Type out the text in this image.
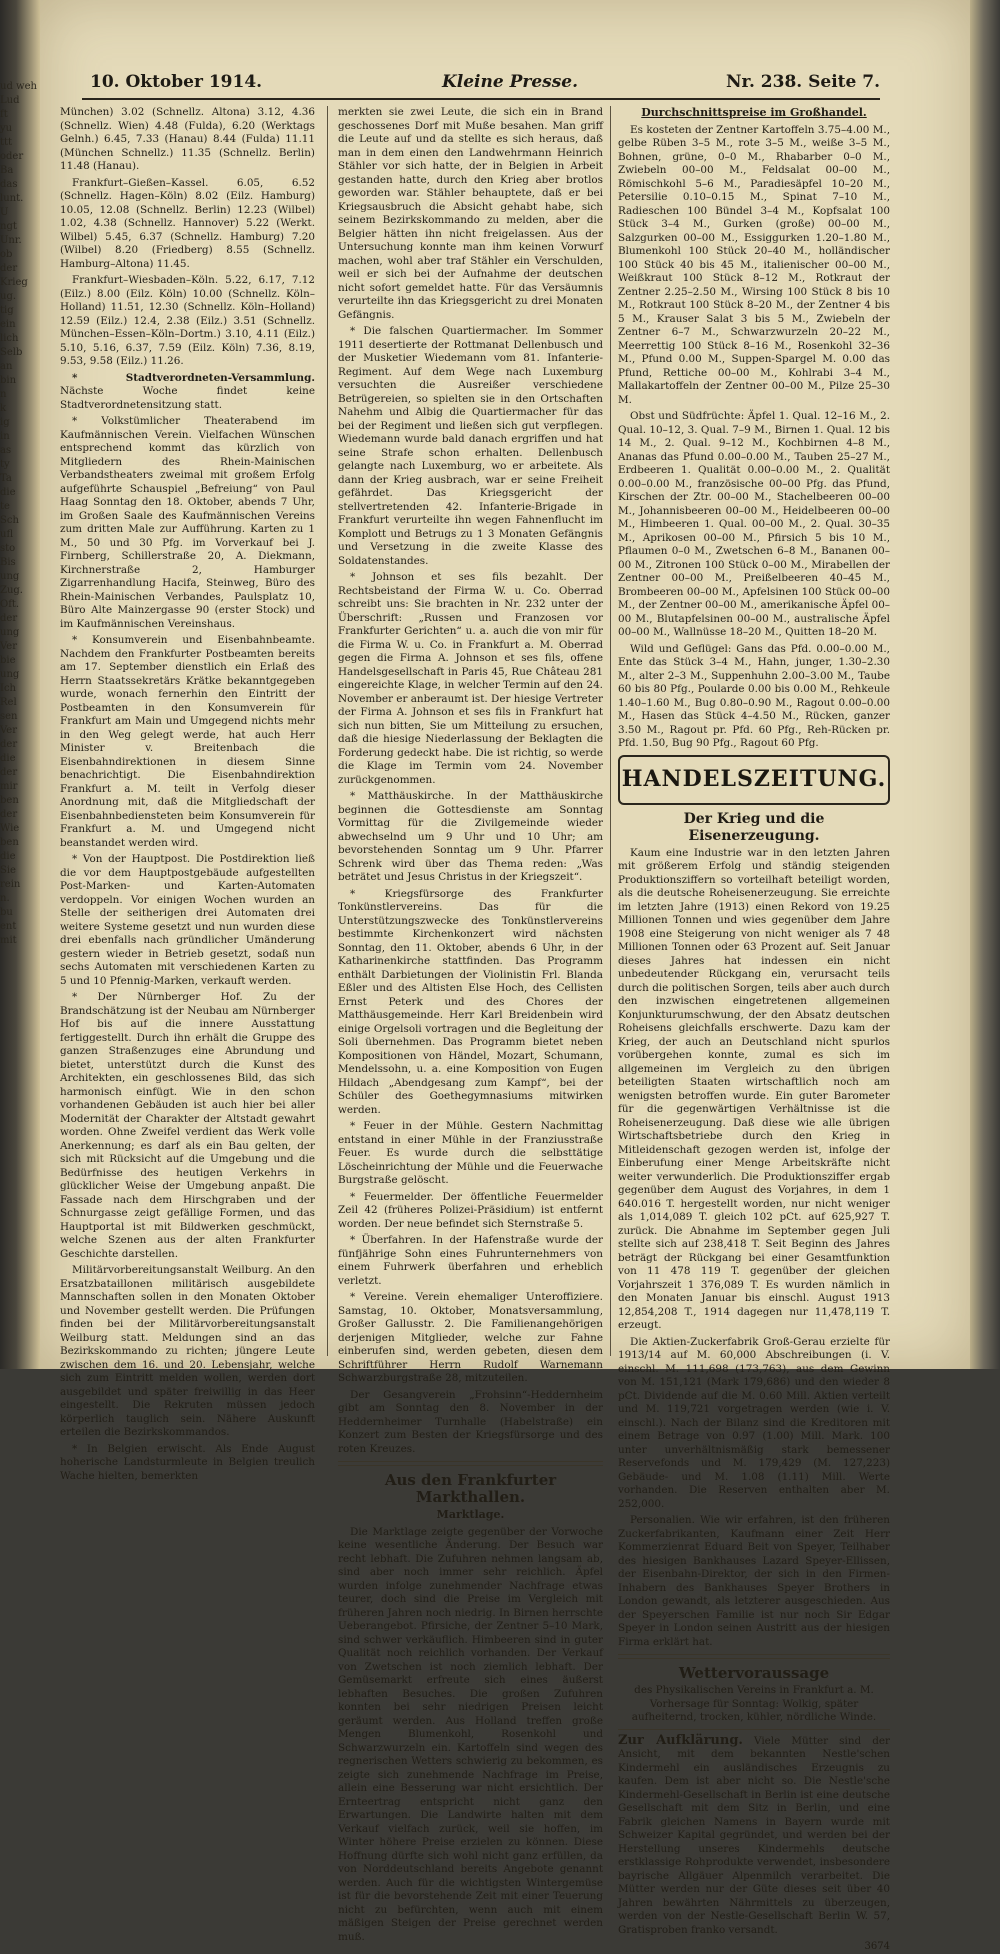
ud weh
Lud
ft
yu
ttt
oder
Ba
das
lunt.
U
ngt
Unr.
ob
der
Krieg
ug.
tig
ein
lich
Selb
an
bin
n
k
ig
in
as
ty
Ta
die
te
Sch
ufl
sto
Bis
ung
Zug.
Oft.
der
ung
Ver
bie
ung
Ich
Rel
sen
Ver
der
die
der
mir
ben
der
Wie
ben
die
Sie
rein
n.
bu
ent
mit
10. Oktober 1914.	Kleine Presse.	Nr. 238. Seite 7.

München) 3.02 (Schnellz. Altona) 3.12, 4.36 (Schnellz. Wien) 4.48 (Fulda), 6.20 (Werktags Gelnh.) 6.45, 7.33 (Hanau) 8.44 (Fulda) 11.11 (München Schnellz.) 11.35 (Schnellz. Berlin) 11.48 (Hanau).

Frankfurt–Gießen–Kassel. 6.05, 6.52 (Schnellz. Hagen–Köln) 8.02 (Eilz. Hamburg) 10.05, 12.08 (Schnellz. Berlin) 12.23 (Wilbel) 1.02, 4.38 (Schnellz. Hannover) 5.22 (Werkt. Wilbel) 5.45, 6.37 (Schnellz. Hamburg) 7.20 (Wilbel) 8.20 (Friedberg) 8.55 (Schnellz. Hamburg–Altona) 11.45.

Frankfurt–Wiesbaden–Köln. 5.22, 6.17, 7.12 (Eilz.) 8.00 (Eilz. Köln) 10.00 (Schnellz. Köln–Holland) 11.51, 12.30 (Schnellz. Köln–Holland) 12.59 (Eilz.) 12.4, 2.38 (Eilz.) 3.51 (Schnellz. München–Essen–Köln–Dortm.) 3.10, 4.11 (Eilz.) 5.10, 5.16, 6.37, 7.59 (Eilz. Köln) 7.36, 8.19, 9.53, 9.58 (Eilz.) 11.26.

* Stadtverordneten-Versammlung. Nächste Woche findet keine Stadtverordnetensitzung statt.

* Volkstümlicher Theaterabend im Kaufmännischen Verein. Vielfachen Wünschen entsprechend kommt das kürzlich von Mitgliedern des Rhein-Mainischen Verbandstheaters zweimal mit großem Erfolg aufgeführte Schauspiel „Befreiung“ von Paul Haag Sonntag den 18. Oktober, abends 7 Uhr, im Großen Saale des Kaufmännischen Vereins zum dritten Male zur Aufführung. Karten zu 1 M., 50 und 30 Pfg. im Vorverkauf bei J. Firnberg, Schillerstraße 20, A. Diekmann, Kirchnerstraße 2, Hamburger Zigarrenhandlung Hacifa, Steinweg, Büro des Rhein-Mainischen Verbandes, Paulsplatz 10, Büro Alte Mainzergasse 90 (erster Stock) und im Kaufmännischen Vereinshaus.

* Konsumverein und Eisenbahnbeamte. Nachdem den Frankfurter Postbeamten bereits am 17. September dienstlich ein Erlaß des Herrn Staatssekretärs Krätke bekanntgegeben wurde, wonach fernerhin den Eintritt der Postbeamten in den Konsumverein für Frankfurt am Main und Umgegend nichts mehr in den Weg gelegt werde, hat auch Herr Minister v. Breitenbach die Eisenbahndirektionen in diesem Sinne benachrichtigt. Die Eisenbahndirektion Frankfurt a. M. teilt in Verfolg dieser Anordnung mit, daß die Mitgliedschaft der Eisenbahnbediensteten beim Konsumverein für Frankfurt a. M. und Umgegend nicht beanstandet werden wird.

* Von der Hauptpost. Die Postdirektion ließ die vor dem Hauptpostgebäude aufgestellten Post-Marken- und Karten-Automaten verdoppeln. Vor einigen Wochen wurden an Stelle der seitherigen drei Automaten drei weitere Systeme gesetzt und nun wurden diese drei ebenfalls nach gründlicher Umänderung gestern wieder in Betrieb gesetzt, sodaß nun sechs Automaten mit verschiedenen Karten zu 5 und 10 Pfennig-Marken, verkauft werden.

* Der Nürnberger Hof. Zu der Brandschätzung ist der Neubau am Nürnberger Hof bis auf die innere Ausstattung fertiggestellt. Durch ihn erhält die Gruppe des ganzen Straßenzuges eine Abrundung und bietet, unterstützt durch die Kunst des Architekten, ein geschlossenes Bild, das sich harmonisch einfügt. Wie in den schon vorhandenen Gebäuden ist auch hier bei aller Modernität der Charakter der Altstadt gewahrt worden. Ohne Zweifel verdient das Werk volle Anerkennung; es darf als ein Bau gelten, der sich mit Rücksicht auf die Umgebung und die Bedürfnisse des heutigen Verkehrs in glücklicher Weise der Umgebung anpaßt. Die Fassade nach dem Hirschgraben und der Schnurgasse zeigt gefällige Formen, und das Hauptportal ist mit Bildwerken geschmückt, welche Szenen aus der alten Frankfurter Geschichte darstellen.

Militärvorbereitungsanstalt Weilburg. An den Ersatzbataillonen militärisch ausgebildete Mannschaften sollen in den Monaten Oktober und November gestellt werden. Die Prüfungen finden bei der Militärvorbereitungsanstalt Weilburg statt. Meldungen sind an das Bezirkskommando zu richten; jüngere Leute zwischen dem 16. und 20. Lebensjahr, welche sich zum Eintritt melden wollen, werden dort ausgebildet und später freiwillig in das Heer eingestellt. Die Rekruten müssen jedoch körperlich tauglich sein. Nähere Auskunft erteilen die Bezirkskommandos.

* In Belgien erwischt. Als Ende August hoherische Landsturmleute in Belgien treulich Wache hielten, bemerkten

merkten sie zwei Leute, die sich ein in Brand geschossenes Dorf mit Muße besahen. Man griff die Leute auf und da stellte es sich heraus, daß man in dem einen den Landwehrmann Heinrich Stähler vor sich hatte, der in Belgien in Arbeit gestanden hatte, durch den Krieg aber brotlos geworden war. Stähler behauptete, daß er bei Kriegsausbruch die Absicht gehabt habe, sich seinem Bezirkskommando zu melden, aber die Belgier hätten ihn nicht freigelassen. Aus der Untersuchung konnte man ihm keinen Vorwurf machen, wohl aber traf Stähler ein Verschulden, weil er sich bei der Aufnahme der deutschen nicht sofort gemeldet hatte. Für das Versäumnis verurteilte ihn das Kriegsgericht zu drei Monaten Gefängnis.

* Die falschen Quartiermacher. Im Sommer 1911 desertierte der Rottmanat Dellenbusch und der Musketier Wiedemann vom 81. Infanterie-Regiment. Auf dem Wege nach Luxemburg versuchten die Ausreißer verschiedene Betrügereien, so spielten sie in den Ortschaften Nahehm und Albig die Quartiermacher für das bei der Regiment und ließen sich gut verpflegen. Wiedemann wurde bald danach ergriffen und hat seine Strafe schon erhalten. Dellenbusch gelangte nach Luxemburg, wo er arbeitete. Als dann der Krieg ausbrach, war er seine Freiheit gefährdet. Das Kriegsgericht der stellvertretenden 42. Infanterie-Brigade in Frankfurt verurteilte ihn wegen Fahnenflucht im Komplott und Betrugs zu 1 3 Monaten Gefängnis und Versetzung in die zweite Klasse des Soldatenstandes.

* Johnson et ses fils bezahlt. Der Rechtsbeistand der Firma W. u. Co. Oberrad schreibt uns: Sie brachten in Nr. 232 unter der Überschrift: „Russen und Franzosen vor Frankfurter Gerichten“ u. a. auch die von mir für die Firma W. u. Co. in Frankfurt a. M. Oberrad gegen die Firma A. Johnson et ses fils, offene Handelsgesellschaft in Paris 45, Rue Château 281 eingereichte Klage, in welcher Termin auf den 24. November er anberaumt ist. Der hiesige Vertreter der Firma A. Johnson et ses fils in Frankfurt hat sich nun bitten, Sie um Mitteilung zu ersuchen, daß die hiesige Niederlassung der Beklagten die Forderung gedeckt habe. Die ist richtig, so werde die Klage im Termin vom 24. November zurückgenommen.

* Matthäuskirche. In der Matthäuskirche beginnen die Gottesdienste am Sonntag Vormittag für die Zivilgemeinde wieder abwechselnd um 9 Uhr und 10 Uhr; am bevorstehenden Sonntag um 9 Uhr. Pfarrer Schrenk wird über das Thema reden: „Was beträtet und Jesus Christus in der Kriegszeit“.

* Kriegsfürsorge des Frankfurter Tonkünstlervereins. Das für die Unterstützungszwecke des Tonkünstlervereins bestimmte Kirchenkonzert wird nächsten Sonntag, den 11. Oktober, abends 6 Uhr, in der Katharinenkirche stattfinden. Das Programm enthält Darbietungen der Violinistin Frl. Blanda Eßler und des Altisten Else Hoch, des Cellisten Ernst Peterk und des Chores der Matthäusgemeinde. Herr Karl Breidenbein wird einige Orgelsoli vortragen und die Begleitung der Soli übernehmen. Das Programm bietet neben Kompositionen von Händel, Mozart, Schumann, Mendelssohn, u. a. eine Komposition von Eugen Hildach „Abendgesang zum Kampf“, bei der Schüler des Goethegymnasiums mitwirken werden.

* Feuer in der Mühle. Gestern Nachmittag entstand in einer Mühle in der Franziusstraße Feuer. Es wurde durch die selbsttätige Löscheinrichtung der Mühle und die Feuerwache Burgstraße gelöscht.

* Feuermelder. Der öffentliche Feuermelder Zeil 42 (früheres Polizei-Präsidium) ist entfernt worden. Der neue befindet sich Sternstraße 5.

* Überfahren. In der Hafenstraße wurde der fünfjährige Sohn eines Fuhrunternehmers von einem Fuhrwerk überfahren und erheblich verletzt.

* Vereine. Verein ehemaliger Unteroffiziere. Samstag, 10. Oktober, Monatsversammlung, Großer Gallusstr. 2. Die Familienangehörigen derjenigen Mitglieder, welche zur Fahne einberufen sind, werden gebeten, diesen dem Schriftführer Herrn Rudolf Warnemann Schwarzburgstraße 28, mitzuteilen.

Der Gesangverein „Frohsinn“-Heddernheim gibt am Sonntag den 8. November in der Heddernheimer Turnhalle (Habelstraße) ein Konzert zum Besten der Kriegsfürsorge und des roten Kreuzes.

Aus den Frankfurter Markthallen.
Marktlage.

Die Marktlage zeigte gegenüber der Vorwoche keine wesentliche Änderung. Der Besuch war recht lebhaft. Die Zufuhren nehmen langsam ab, sind aber noch immer sehr reichlich. Äpfel wurden infolge zunehmender Nachfrage etwas teurer, doch sind die Preise im Vergleich mit früheren Jahren noch niedrig. In Birnen herrschte Ueberangebot. Pfirsiche, der Zentner 5–10 Mark, sind schwer verkäuflich. Himbeeren sind in guter Qualität noch reichlich vorhanden. Der Verkauf von Zwetschen ist noch ziemlich lebhaft. Der Gemüsemarkt erfreute sich eines äußerst lebhaften Besuches. Die großen Zufuhren konnten bei sehr niedrigen Preisen leicht geräumt werden. Aus Holland treffen große Mengen Blumenkohl, Rosenkohl und Schwarzwurzeln ein. Kartoffeln sind wegen des regnerischen Wetters schwierig zu bekommen, es zeigte sich zunehmende Nachfrage im Preise, allein eine Besserung war nicht ersichtlich. Der Ernteertrag entspricht nicht ganz den Erwartungen. Die Landwirte halten mit dem Verkauf vielfach zurück, weil sie hoffen, im Winter höhere Preise erzielen zu können. Diese Hoffnung dürfte sich wohl nicht ganz erfüllen, da von Norddeutschland bereits Angebote genannt werden. Auch für die wichtigsten Wintergemüse ist für die bevorstehende Zeit mit einer Teuerung nicht zu befürchten, wenn auch mit einem mäßigen Steigen der Preise gerechnet werden muß.

Durchschnittspreise im Großhandel.

Es kosteten der Zentner Kartoffeln 3.75–4.00 M., gelbe Rüben 3–5 M., rote 3–5 M., weiße 3–5 M., Bohnen, grüne, 0–0 M., Rhabarber 0–0 M., Zwiebeln 00–00 M., Feldsalat 00–00 M., Römischkohl 5–6 M., Paradiesäpfel 10–20 M., Petersilie 0.10–0.15 M., Spinat 7–10 M., Radieschen 100 Bündel 3–4 M., Kopfsalat 100 Stück 3–4 M., Gurken (große) 00–00 M., Salzgurken 00–00 M., Essiggurken 1.20–1.80 M., Blumenkohl 100 Stück 20–40 M., holländischer 100 Stück 40 bis 45 M., italienischer 00–00 M., Weißkraut 100 Stück 8–12 M., Rotkraut der Zentner 2.25–2.50 M., Wirsing 100 Stück 8 bis 10 M., Rotkraut 100 Stück 8–20 M., der Zentner 4 bis 5 M., Krauser Salat 3 bis 5 M., Zwiebeln der Zentner 6–7 M., Schwarzwurzeln 20–22 M., Meerrettig 100 Stück 8–16 M., Rosenkohl 32–36 M., Pfund 0.00 M., Suppen-Spargel M. 0.00 das Pfund, Rettiche 00–00 M., Kohlrabi 3–4 M., Mallakartoffeln der Zentner 00–00 M., Pilze 25–30 M.

Obst und Südfrüchte: Äpfel 1. Qual. 12–16 M., 2. Qual. 10–12, 3. Qual. 7–9 M., Birnen 1. Qual. 12 bis 14 M., 2. Qual. 9–12 M., Kochbirnen 4–8 M., Ananas das Pfund 0.00–0.00 M., Tauben 25–27 M., Erdbeeren 1. Qualität 0.00–0.00 M., 2. Qualität 0.00–0.00 M., französische 00–00 Pfg. das Pfund, Kirschen der Ztr. 00–00 M., Stachelbeeren 00–00 M., Johannisbeeren 00–00 M., Heidelbeeren 00–00 M., Himbeeren 1. Qual. 00–00 M., 2. Qual. 30–35 M., Aprikosen 00–00 M., Pfirsich 5 bis 10 M., Pflaumen 0–0 M., Zwetschen 6–8 M., Bananen 00–00 M., Zitronen 100 Stück 0–00 M., Mirabellen der Zentner 00–00 M., Preißelbeeren 40–45 M., Brombeeren 00–00 M., Apfelsinen 100 Stück 00–00 M., der Zentner 00–00 M., amerikanische Äpfel 00–00 M., Blutapfelsinen 00–00 M., australische Äpfel 00–00 M., Wallnüsse 18–20 M., Quitten 18–20 M.

Wild und Geflügel: Gans das Pfd. 0.00–0.00 M., Ente das Stück 3–4 M., Hahn, junger, 1.30–2.30 M., alter 2–3 M., Suppenhuhn 2.00–3.00 M., Taube 60 bis 80 Pfg., Poularde 0.00 bis 0.00 M., Rehkeule 1.40–1.60 M., Bug 0.80–0.90 M., Ragout 0.00–0.00 M., Hasen das Stück 4–4.50 M., Rücken, ganzer 3.50 M., Ragout pr. Pfd. 60 Pfg., Reh-Rücken pr. Pfd. 1.50, Bug 90 Pfg., Ragout 60 Pfg.

HANDELSZEITUNG.
Der Krieg und die Eisenerzeugung.

Kaum eine Industrie war in den letzten Jahren mit größerem Erfolg und ständig steigenden Produktionsziffern so vorteilhaft beteiligt worden, als die deutsche Roheisenerzeugung. Sie erreichte im letzten Jahre (1913) einen Rekord von 19.25 Millionen Tonnen und wies gegenüber dem Jahre 1908 eine Steigerung von nicht weniger als 7 48 Millionen Tonnen oder 63 Prozent auf. Seit Januar dieses Jahres hat indessen ein nicht unbedeutender Rückgang ein, verursacht teils durch die politischen Sorgen, teils aber auch durch den inzwischen eingetretenen allgemeinen Konjunkturumschwung, der den Absatz deutschen Roheisens gleichfalls erschwerte. Dazu kam der Krieg, der auch an Deutschland nicht spurlos vorübergehen konnte, zumal es sich im allgemeinen im Vergleich zu den übrigen beteiligten Staaten wirtschaftlich noch am wenigsten betroffen wurde. Ein guter Barometer für die gegenwärtigen Verhältnisse ist die Roheisenerzeugung. Daß diese wie alle übrigen Wirtschaftsbetriebe durch den Krieg in Mitleidenschaft gezogen werden ist, infolge der Einberufung einer Menge Arbeitskräfte nicht weiter verwunderlich. Die Produktionsziffer ergab gegenüber dem August des Vorjahres, in dem 1 640.016 T. hergestellt worden, nur nicht weniger als 1,014,089 T. gleich 102 pCt. auf 625,927 T. zurück. Die Abnahme im September gegen Juli stellte sich auf 238,418 T. Seit Beginn des Jahres beträgt der Rückgang bei einer Gesamtfunktion von 11 478 119 T. gegenüber der gleichen Vorjahrszeit 1 376,089 T. Es wurden nämlich in den Monaten Januar bis einschl. August 1913 12,854,208 T., 1914 dagegen nur 11,478,119 T. erzeugt.

Die Aktien-Zuckerfabrik Groß-Gerau erzielte für 1913/14 auf M. 60,000 Abschreibungen (i. V. einschl. M. 111,698 (173,763), aus dem Gewinn von M. 151,121 (Mark 179,686) und den wieder 8 pCt. Dividende auf die M. 0.60 Mill. Aktien verteilt und M. 119,721 vorgetragen werden (wie i. V. einschl.). Nach der Bilanz sind die Kreditoren mit einem Betrage von 0.97 (1.00) Mill. Mark. 100 unter unverhältnismäßig stark bemessener Reservefonds und M. 179,429 (M. 127,223) Gebäude- und M. 1.08 (1.11) Mill. Werte vorhanden. Die Reserven enthalten aber M. 252,000.

Personalien. Wie wir erfahren, ist den früheren Zuckerfabrikanten, Kaufmann einer Zeit Herr Kommerzienrat Eduard Beit von Speyer, Teilhaber des hiesigen Bankhauses Lazard Speyer-Ellissen, der Eisenbahn-Direktor, der sich in den Firmen-Inhabern des Bankhauses Speyer Brothers in London gewandt, als letzterer ausgeschieden. Aus der Speyerschen Familie ist nur noch Sir Edgar Speyer in London seinen Austritt aus der hiesigen Firma erklärt hat.

Wettervoraussage

des Physikalischen Vereins in Frankfurt a. M. Vorhersage für Sonntag: Wolkig, später aufheiternd, trocken, kühler, nördliche Winde.

Zur Aufklärung. Viele Mütter sind der Ansicht, mit dem bekannten Nestle'schen Kindermehl ein ausländisches Erzeugnis zu kaufen. Dem ist aber nicht so. Die Nestle'sche Kindermehl-Gesellschaft in Berlin ist eine deutsche Gesellschaft mit dem Sitz in Berlin, und eine Fabrik gleichen Namens in Bayern wurde mit Schweizer Kapital gegründet, und werden bei der Herstellung unseres Kindermehls deutsche erstklassige Rohprodukte verwendet, insbesondere bayrische Allgäuer Alpenmilch verarbeitet. Die Mütter werden nur der Güte dieses seit über 40 Jahren bewährten Nährmittels zu überzeugen, werden von der Nestle-Gesellschaft Berlin W. 57, Gratisproben franko versandt.

3674
